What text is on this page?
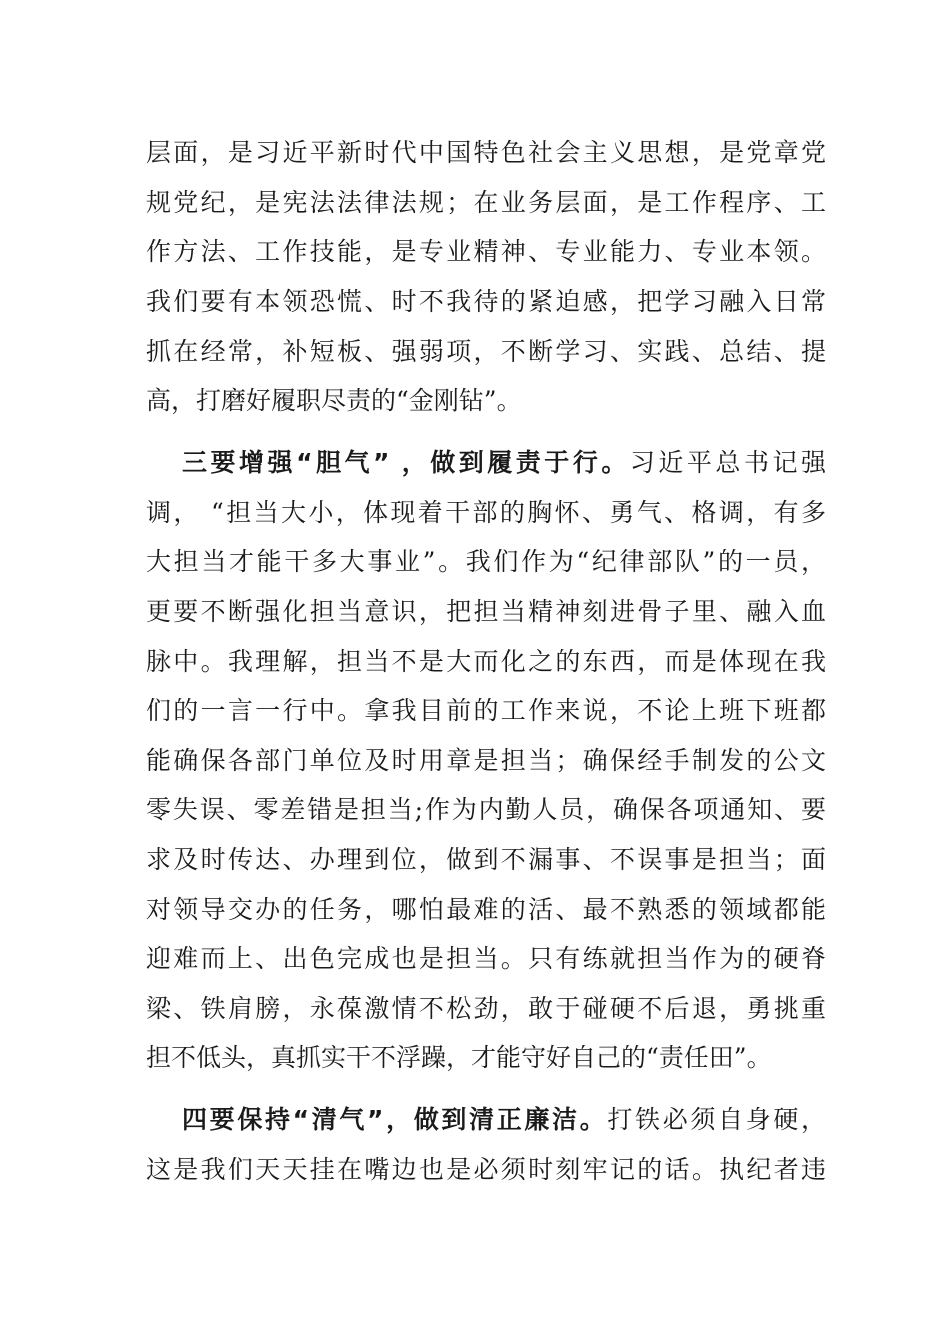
层面，是习近平新时代中国特色社会主义思想，是党章党
规党纪，是宪法法律法规；在业务层面，是工作程序、工
作方法、工作技能，是专业精神、专业能力、专业本领。
我们要有本领恐慌、时不我待的紧迫感，把学习融入日常
抓在经常，补短板、强弱项，不断学习、实践、总结、提
高，打磨好履职尽责的“金刚钻”。
三要增强“胆气” ，做到履责于行。习近平总书记强
调， “担当大小，体现着干部的胸怀、勇气、格调，有多
大担当才能干多大事业”。我们作为“纪律部队”的一员，
更要不断强化担当意识，把担当精神刻进骨子里、融入血
脉中。我理解，担当不是大而化之的东西，而是体现在我
们的一言一行中。拿我目前的工作来说，不论上班下班都
能确保各部门单位及时用章是担当；确保经手制发的公文
零失误、零差错是担当;作为内勤人员，确保各项通知、要
求及时传达、办理到位，做到不漏事、不误事是担当；面
对领导交办的任务，哪怕最难的活、最不熟悉的领域都能
迎难而上、出色完成也是担当。只有练就担当作为的硬脊
梁、铁肩膀，永葆激情不松劲，敢于碰硬不后退，勇挑重
担不低头，真抓实干不浮躁，才能守好自己的“责任田”。
四要保持“清气”，做到清正廉洁。打铁必须自身硬，
这是我们天天挂在嘴边也是必须时刻牢记的话。执纪者违
